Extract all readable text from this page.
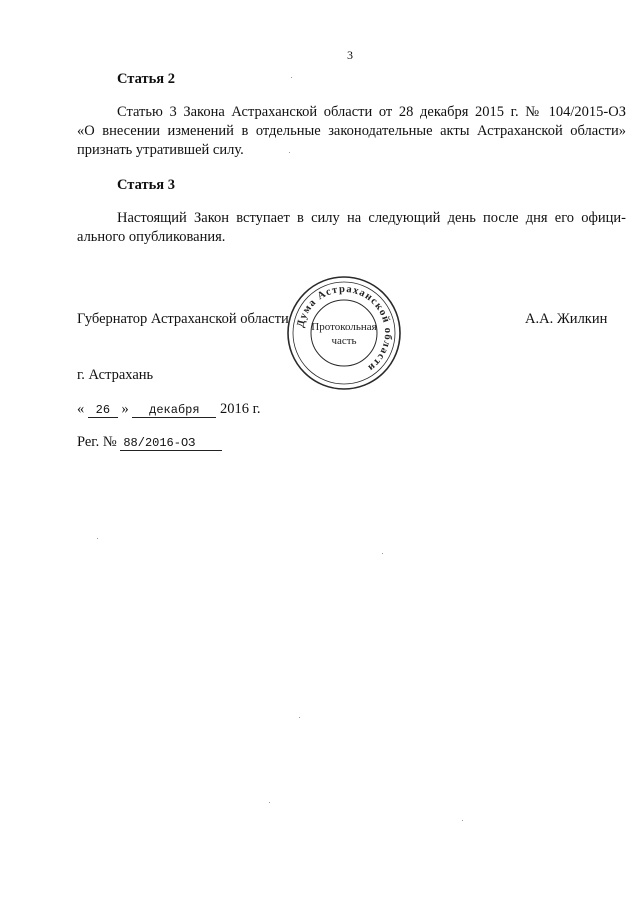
3
Статья 2
Статью 3 Закона Астраханской области от 28 декабря 2015 г. № 104/2015-ОЗ
«О внесении изменений в отдельные законодательные акты Астраханской области»
признать утратившей силу.
Статья 3
Настоящий Закон вступает в силу на следующий день после дня его офици-
ального опубликования.
Губернатор Астраханской области	А.А. Жилкин
Дума Астраханской области
Протокольная
часть
г. Астрахань
« 26 » декабря 2016 г.
Рег. № 88/2016-ОЗ
